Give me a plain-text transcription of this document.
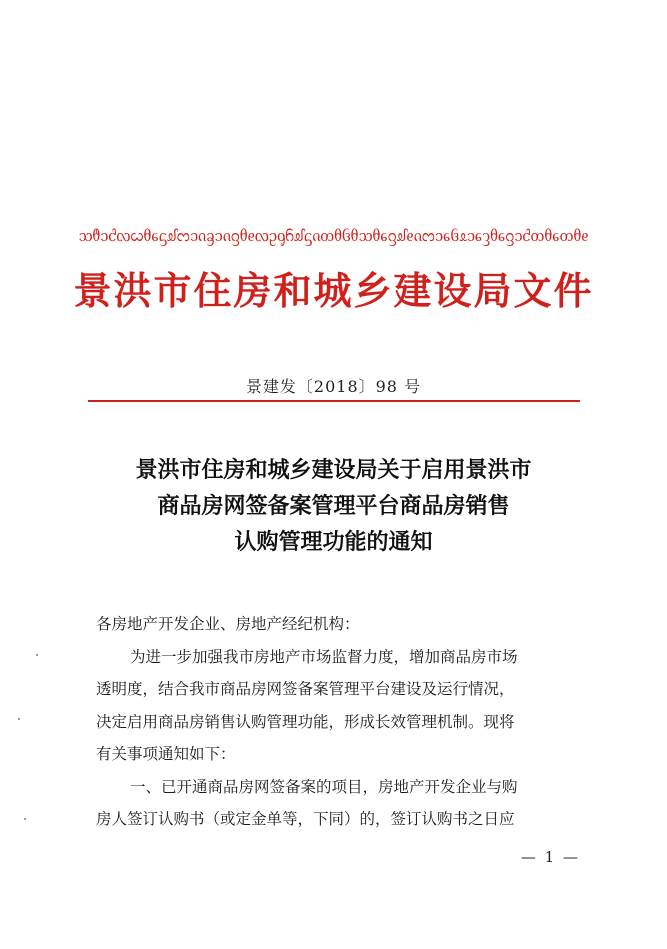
ᦉᦹᦱᦺᦟᦍᦲᧈᦓᦾᦂᦱᦵᦃᦱᦵᦋᦲᧉᦟᦳᧁᦆᦾᦓᦵᦎᦲᦑᦲᦉᦲᧈᦋᦾᧉᦵᦂᦱᧈᦑᦸᦱᧈᦡᦲᧈᦋᦱᦺᦎᦲᧈᦎᦲᧉ
景洪市住房和城乡建设局文件
景建发〔2018〕98 号
景洪市住房和城乡建设局关于启用景洪市
商品房网签备案管理平台商品房销售
认购管理功能的通知

各房地产开发企业、房地产经纪机构：

为进一步加强我市房地产市场监督力度，增加商品房市场

透明度，结合我市商品房网签备案管理平台建设及运行情况，

决定启用商品房销售认购管理功能，形成长效管理机制。现将

有关事项通知如下：

一、已开通商品房网签备案的项目，房地产开发企业与购

房人签订认购书（或定金单等，下同）的，签订认购书之日应

— 1 —
